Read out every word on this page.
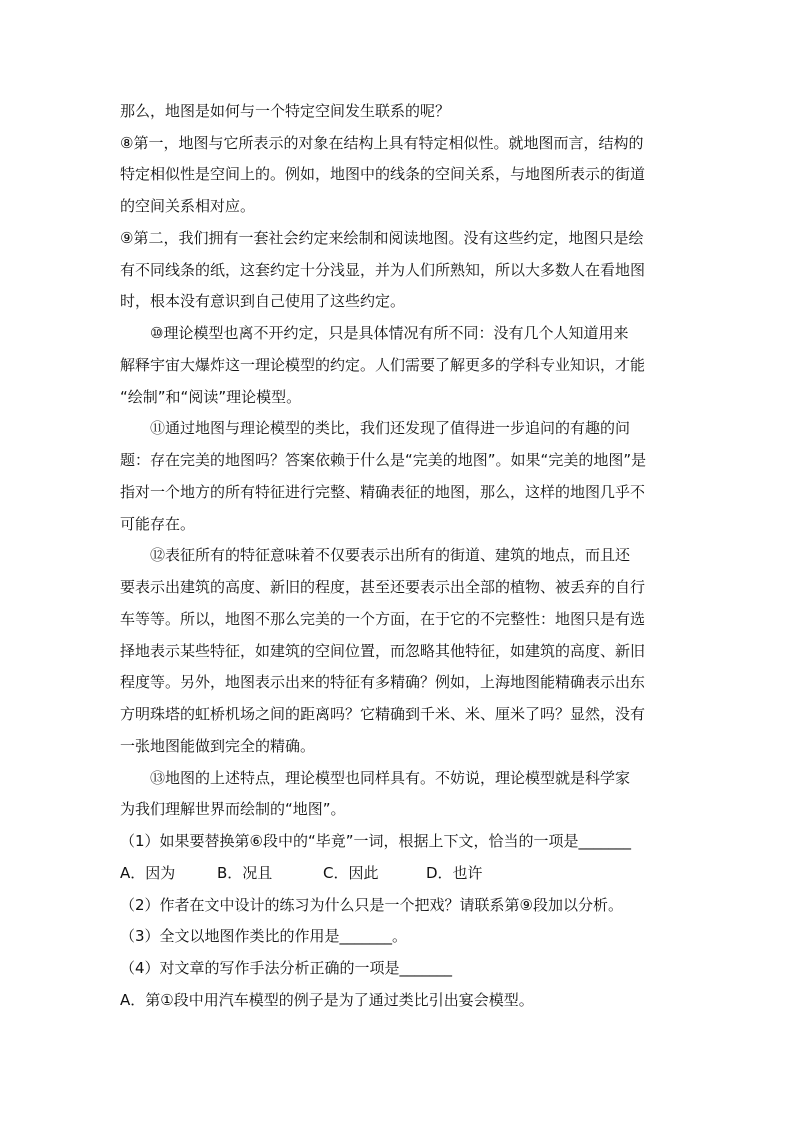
那么，地图是如何与一个特定空间发生联系的呢？
⑧第一，地图与它所表示的对象在结构上具有特定相似性。就地图而言，结构的
特定相似性是空间上的。例如，地图中的线条的空间关系，与地图所表示的街道
的空间关系相对应。
⑨第二，我们拥有一套社会约定来绘制和阅读地图。没有这些约定，地图只是绘
有不同线条的纸，这套约定十分浅显，并为人们所熟知，所以大多数人在看地图
时，根本没有意识到自己使用了这些约定。
⑩理论模型也离不开约定，只是具体情况有所不同：没有几个人知道用来
解释宇宙大爆炸这一理论模型的约定。人们需要了解更多的学科专业知识，才能
“绘制”和“阅读”理论模型。
⑪通过地图与理论模型的类比，我们还发现了值得进一步追问的有趣的问
题：存在完美的地图吗？答案依赖于什么是“完美的地图”。如果“完美的地图”是
指对一个地方的所有特征进行完整、精确表征的地图，那么，这样的地图几乎不
可能存在。
⑫表征所有的特征意味着不仅要表示出所有的街道、建筑的地点，而且还
要表示出建筑的高度、新旧的程度，甚至还要表示出全部的植物、被丢弃的自行
车等等。所以，地图不那么完美的一个方面，在于它的不完整性：地图只是有选
择地表示某些特征，如建筑的空间位置，而忽略其他特征，如建筑的高度、新旧
程度等。另外，地图表示出来的特征有多精确？例如，上海地图能精确表示出东
方明珠塔的虹桥机场之间的距离吗？它精确到千米、米、厘米了吗？显然，没有
一张地图能做到完全的精确。
⑬地图的上述特点，理论模型也同样具有。不妨说，理论模型就是科学家
为我们理解世界而绘制的“地图”。
（1）如果要替换第⑥段中的“毕竟”一词，根据上下文，恰当的一项是_______
A．因为	B．况且	C．因此	D．也许
（2）作者在文中设计的练习为什么只是一个把戏？请联系第⑨段加以分析。
（3）全文以地图作类比的作用是_______。
（4）对文章的写作手法分析正确的一项是_______
A．第①段中用汽车模型的例子是为了通过类比引出宴会模型。
